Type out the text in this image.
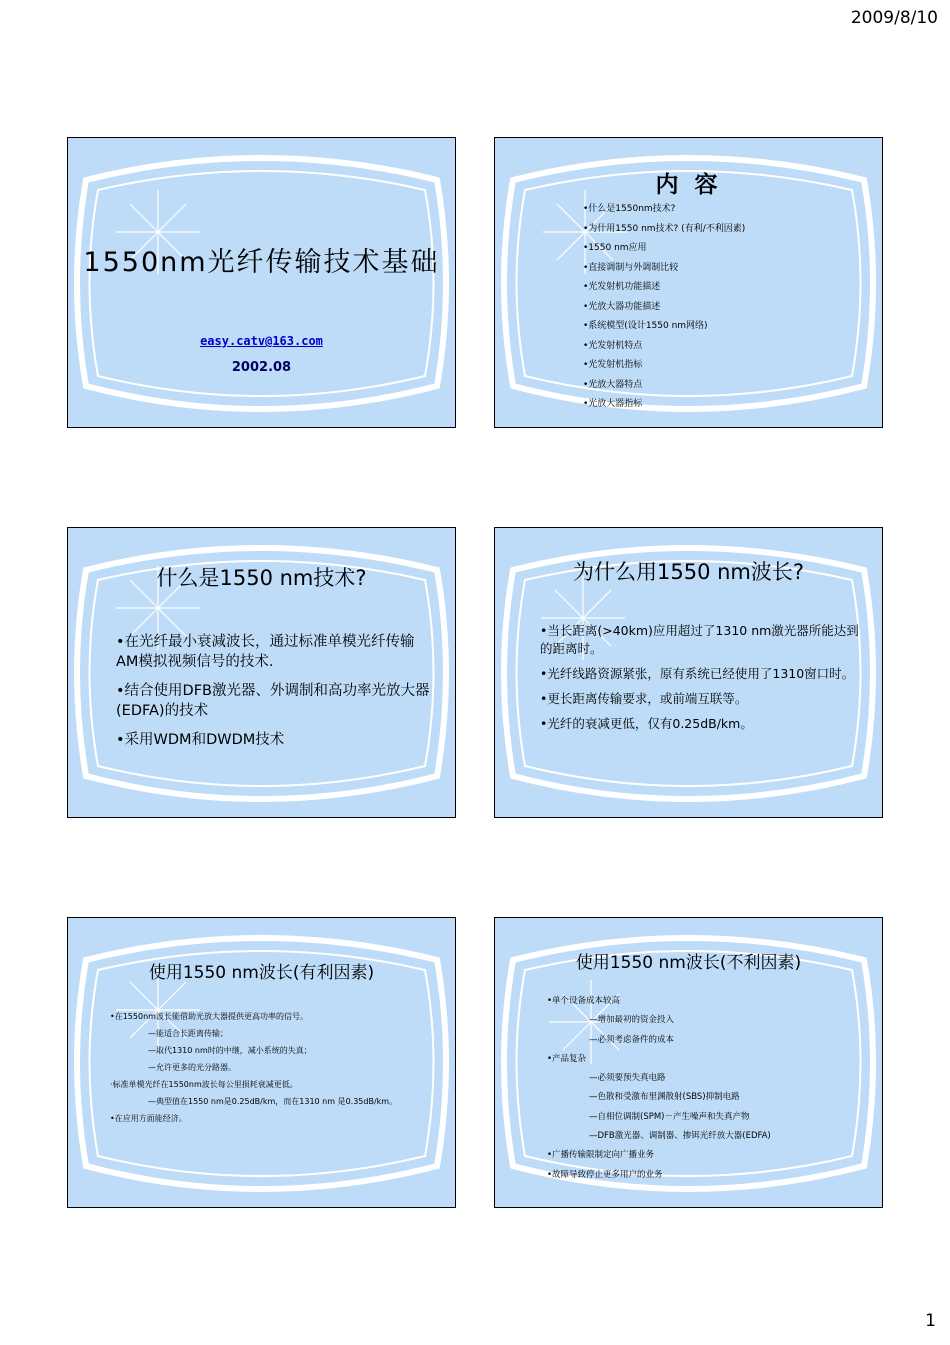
2009/8/10
1550nm光纤传输技术基础
easy.catv@163.com
2002.08
内 容
•什么是1550nm技术?
•为什用1550 nm技术? (有利/不利因素)
•1550 nm应用
•直接调制与外调制比较
•光发射机功能描述
•光放大器功能描述
•系统模型(设计1550 nm网络)
•光发射机特点
•光发射机指标
•光放大器特点
•光放大器指标
什么是1550 nm技术?
•在光纤最小衰减波长，通过标准单模光纤传输AM模拟视频信号的技术.
•结合使用DFB激光器、外调制和高功率光放大器(EDFA)的技术
•采用WDM和DWDM技术
为什么用1550 nm波长?
•当长距离(>40km)应用超过了1310 nm激光器所能达到的距离时。
•光纤线路资源紧张，原有系统已经使用了1310窗口时。
•更长距离传输要求，或前端互联等。
•光纤的衰减更低，仅有0.25dB/km。
使用1550 nm波长(有利因素)
•在1550nm波长能借助光放大器提供更高功率的信号。
—能适合长距离传输；
—取代1310 nm时的中继，减小系统的失真；
—允许更多的光分路器。
·标准单模光纤在1550nm波长每公里损耗衰减更低。
—典型值在1550 nm是0.25dB/km，而在1310 nm 是0.35dB/km。
•在应用方面能经济。
使用1550 nm波长(不利因素)
•单个设备成本较高
—增加最初的资金投入
—必须考虑备件的成本
•产品复杂
—必须要预失真电路
—色散和受激布里渊散射(SBS)抑制电路
—自相位调制(SPM)－产生噪声和失真产物
—DFB激光器、调制器、掺铒光纤放大器(EDFA)
•广播传输限制定向广播业务
•故障导致停止更多用户的业务
1
